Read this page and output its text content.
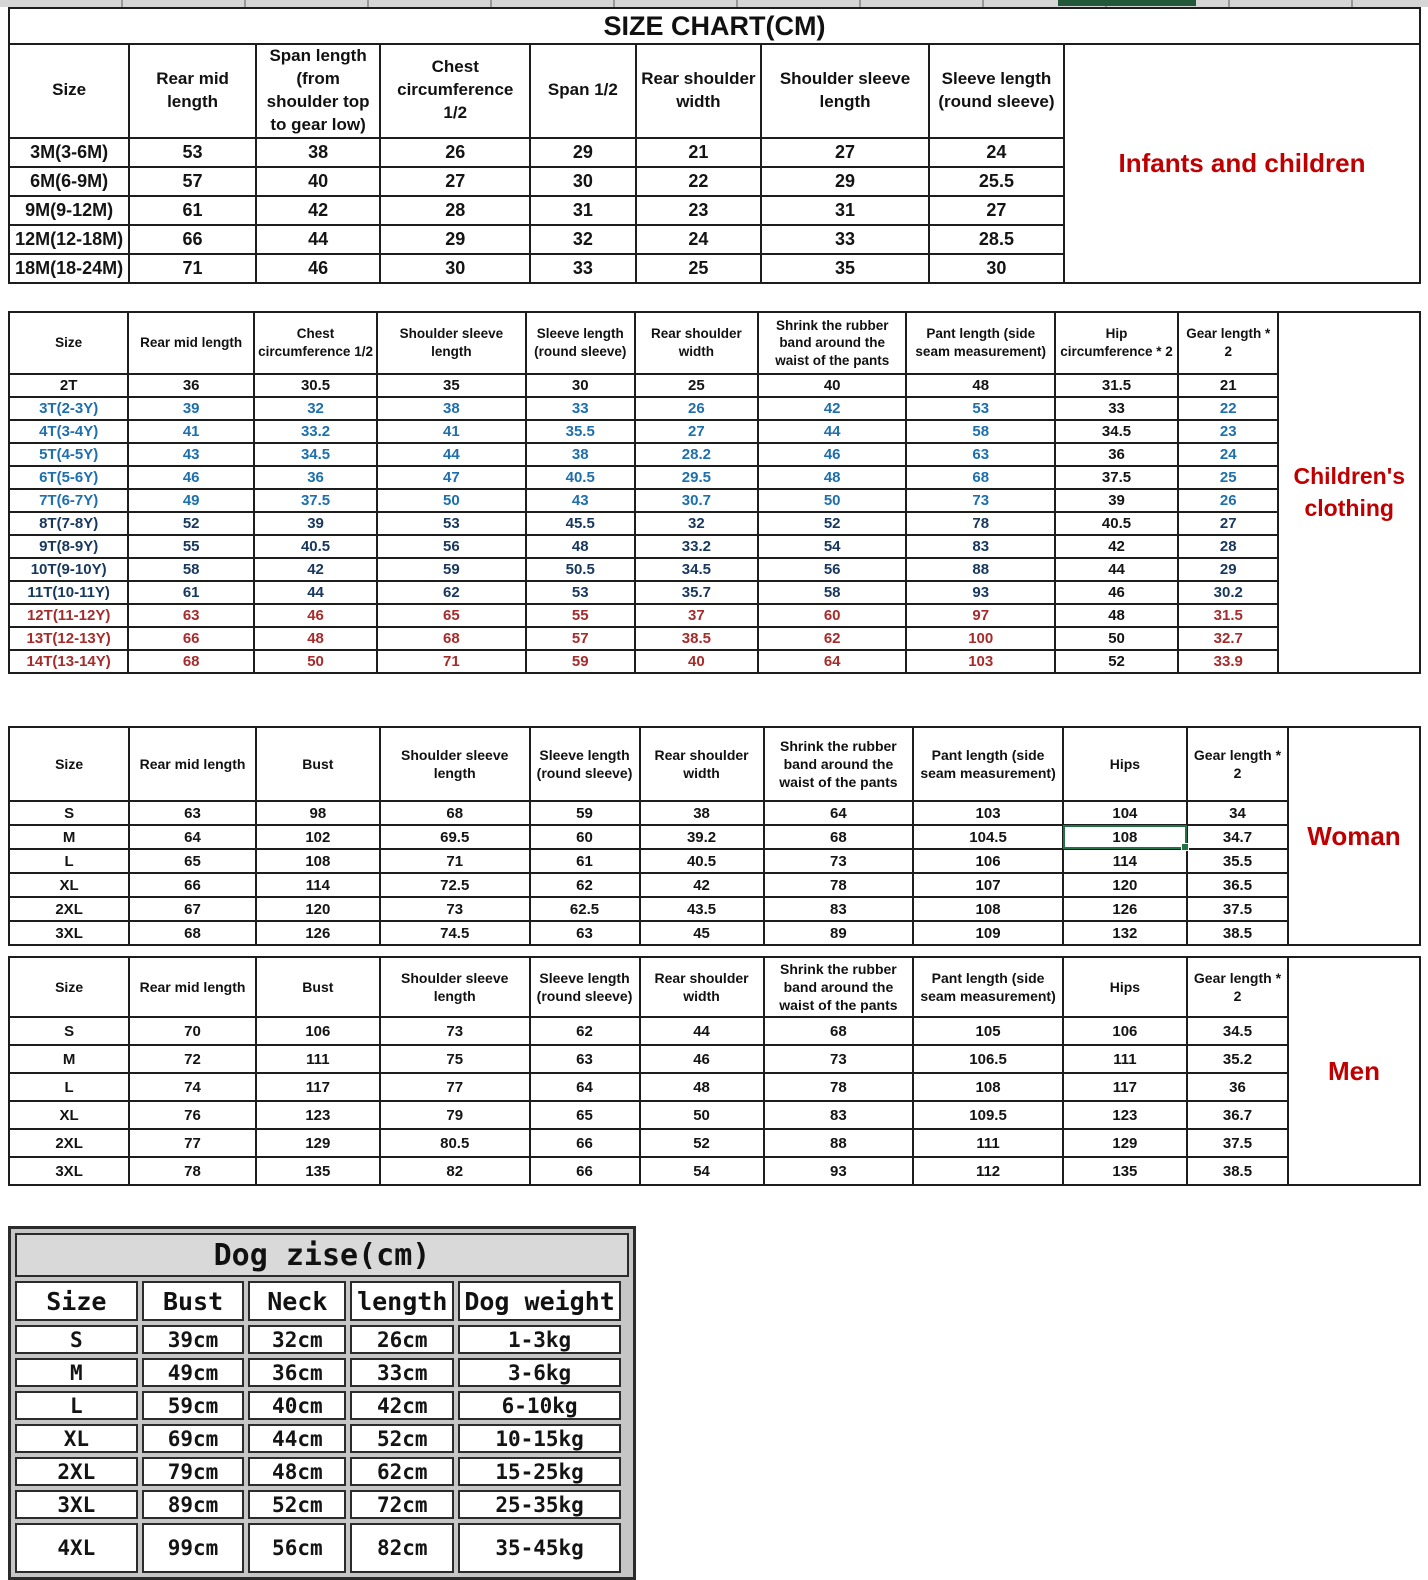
SIZE CHART(CM)
Size	Rear mid length	Span length (from shoulder top to gear low)	Chest circumference 1/2	Span 1/2	Rear shoulder width	Shoulder sleeve length	Sleeve length (round sleeve)
3M(3-6M)	53	38	26	29	21	27	24
6M(6-9M)	57	40	27	30	22	29	25.5
9M(9-12M)	61	42	28	31	23	31	27
12M(12-18M)	66	44	29	32	24	33	28.5
18M(18-24M)	71	46	30	33	25	35	30
Infants and children
Size	Rear mid length	Chest circumference 1/2	Shoulder sleeve length	Sleeve length (round sleeve)	Rear shoulder width	Shrink the rubber band around the waist of the pants	Pant length (side seam measurement)	Hip circumference * 2	Gear length * 2
2T	36	30.5	35	30	25	40	48	31.5	21
3T(2-3Y)	39	32	38	33	26	42	53	33	22
4T(3-4Y)	41	33.2	41	35.5	27	44	58	34.5	23
5T(4-5Y)	43	34.5	44	38	28.2	46	63	36	24
6T(5-6Y)	46	36	47	40.5	29.5	48	68	37.5	25
7T(6-7Y)	49	37.5	50	43	30.7	50	73	39	26
8T(7-8Y)	52	39	53	45.5	32	52	78	40.5	27
9T(8-9Y)	55	40.5	56	48	33.2	54	83	42	28
10T(9-10Y)	58	42	59	50.5	34.5	56	88	44	29
11T(10-11Y)	61	44	62	53	35.7	58	93	46	30.2
12T(11-12Y)	63	46	65	55	37	60	97	48	31.5
13T(12-13Y)	66	48	68	57	38.5	62	100	50	32.7
14T(13-14Y)	68	50	71	59	40	64	103	52	33.9
Children's clothing
Size	Rear mid length	Bust	Shoulder sleeve length	Sleeve length (round sleeve)	Rear shoulder width	Shrink the rubber band around the waist of the pants	Pant length (side seam measurement)	Hips	Gear length * 2
S	63	98	68	59	38	64	103	104	34
M	64	102	69.5	60	39.2	68	104.5	108	34.7
L	65	108	71	61	40.5	73	106	114	35.5
XL	66	114	72.5	62	42	78	107	120	36.5
2XL	67	120	73	62.5	43.5	83	108	126	37.5
3XL	68	126	74.5	63	45	89	109	132	38.5
Woman
Size	Rear mid length	Bust	Shoulder sleeve length	Sleeve length (round sleeve)	Rear shoulder width	Shrink the rubber band around the waist of the pants	Pant length (side seam measurement)	Hips	Gear length * 2
S	70	106	73	62	44	68	105	106	34.5
M	72	111	75	63	46	73	106.5	111	35.2
L	74	117	77	64	48	78	108	117	36
XL	76	123	79	65	50	83	109.5	123	36.7
2XL	77	129	80.5	66	52	88	111	129	37.5
3XL	78	135	82	66	54	93	112	135	38.5
Men
Dog zise(cm)
Size	Bust	Neck	length	Dog weight
S	39cm	32cm	26cm	1-3kg
M	49cm	36cm	33cm	3-6kg
L	59cm	40cm	42cm	6-10kg
XL	69cm	44cm	52cm	10-15kg
2XL	79cm	48cm	62cm	15-25kg
3XL	89cm	52cm	72cm	25-35kg
4XL	99cm	56cm	82cm	35-45kg
